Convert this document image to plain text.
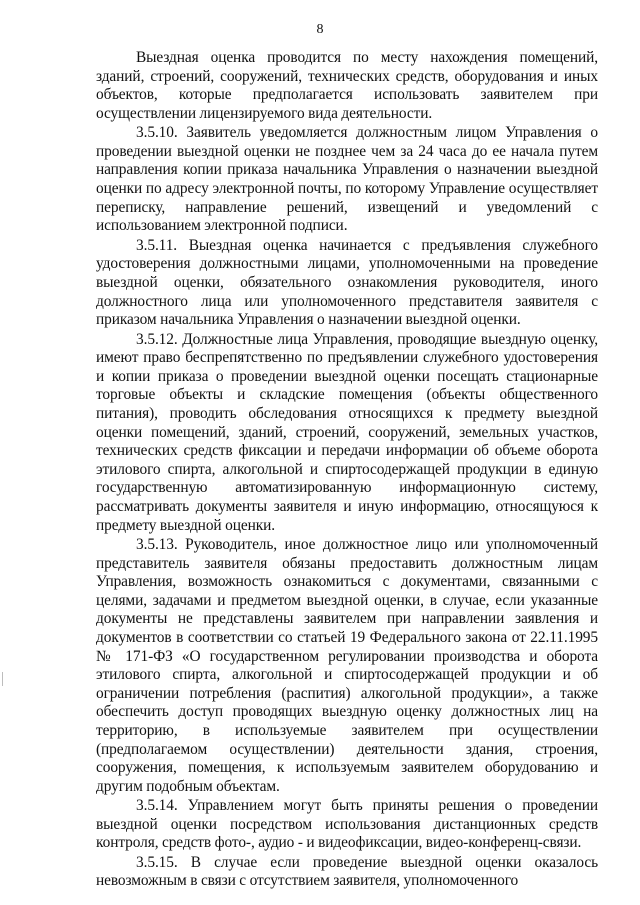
8

Выездная оценка проводится по месту нахождения помещений, зданий, строений, сооружений, технических средств, оборудования и иных объектов, которые предполагается использовать заявителем при осуществлении лицензируемого вида деятельности.

3.5.10. Заявитель уведомляется должностным лицом Управления о проведении выездной оценки не позднее чем за 24 часа до ее начала путем направления копии приказа начальника Управления о назначении выездной оценки по адресу электронной почты, по которому Управление осуществляет переписку, направление решений, извещений и уведомлений с использованием электронной подписи.

3.5.11. Выездная оценка начинается с предъявления служебного удостоверения должностными лицами, уполномоченными на проведение выездной оценки, обязательного ознакомления руководителя, иного должностного лица или уполномоченного представителя заявителя с приказом начальника Управления о назначении выездной оценки.

3.5.12. Должностные лица Управления, проводящие выездную оценку, имеют право беспрепятственно по предъявлении служебного удостоверения и копии приказа о проведении выездной оценки посещать стационарные торговые объекты и складские помещения (объекты общественного питания), проводить обследования относящихся к предмету выездной оценки помещений, зданий, строений, сооружений, земельных участков, технических средств фиксации и передачи информации об объеме оборота этилового спирта, алкогольной и спиртосодержащей продукции в единую государственную автоматизированную информационную систему, рассматривать документы заявителя и иную информацию, относящуюся к предмету выездной оценки.

3.5.13. Руководитель, иное должностное лицо или уполномоченный представитель заявителя обязаны предоставить должностным лицам Управления, возможность ознакомиться с документами, связанными с целями, задачами и предметом выездной оценки, в случае, если указанные документы не представлены заявителем при направлении заявления и документов в соответствии со статьей 19 Федерального закона от 22.11.1995 № 171-ФЗ «О государственном регулировании производства и оборота этилового спирта, алкогольной и спиртосодержащей продукции и об ограничении потребления (распития) алкогольной продукции», а также обеспечить доступ проводящих выездную оценку должностных лиц на территорию, в используемые заявителем при осуществлении (предполагаемом осуществлении) деятельности здания, строения, сооружения, помещения, к используемым заявителем оборудованию и другим подобным объектам.

3.5.14. Управлением могут быть приняты решения о проведении выездной оценки посредством использования дистанционных средств контроля, средств фото-, аудио - и видеофиксации, видео-конференц-связи.

3.5.15. В случае если проведение выездной оценки оказалось невозможным в связи с отсутствием заявителя, уполномоченного
